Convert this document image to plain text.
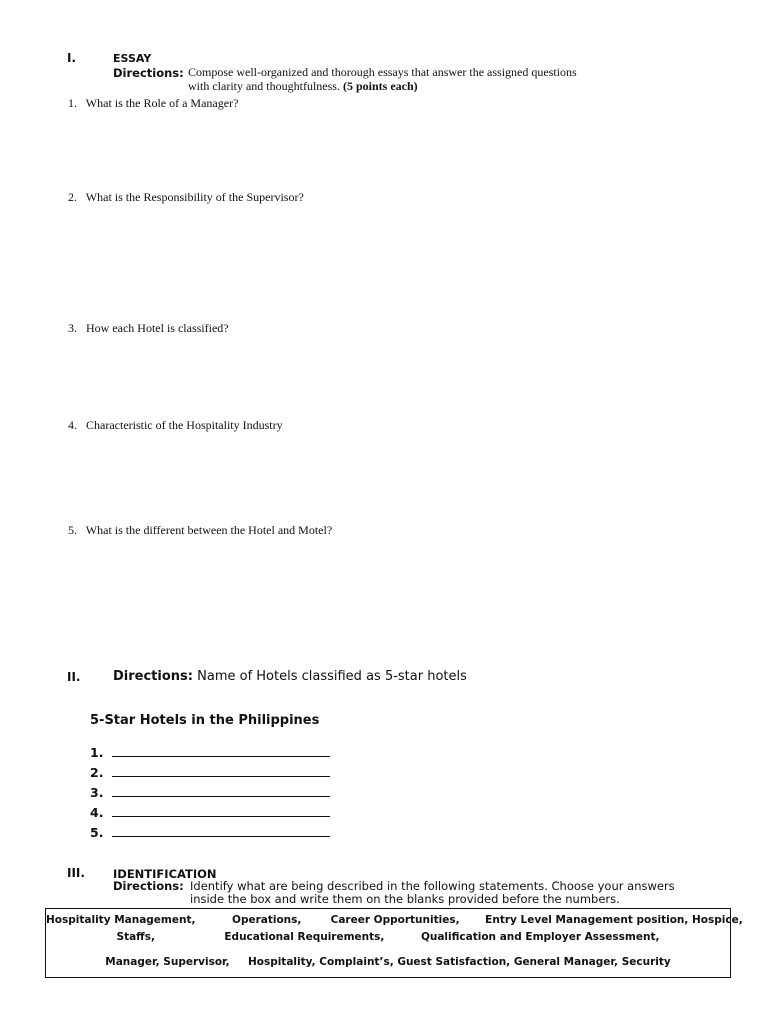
I.	ESSAY
Directions: Compose well-organized and thorough essays that answer the assigned questions
with clarity and thoughtfulness. (5 points each)
1. What is the Role of a Manager?
2. What is the Responsibility of the Supervisor?
3. How each Hotel is classified?
4. Characteristic of the Hospitality Industry
5. What is the different between the Hotel and Motel?
II.	Directions: Name of Hotels classified as 5-star hotels
5-Star Hotels in the Philippines
1.
2.
3.
4.
5.
III. IDENTIFICATION
Directions: Identify what are being described in the following statements. Choose your answers
inside the box and write them on the blanks provided before the numbers.
Hospitality Management,          Operations,        Career Opportunities,       Entry Level Management position, Hospice,
Staffs,                   Educational Requirements,          Qualification and Employer Assessment,
Manager, Supervisor,     Hospitality, Complaint’s, Guest Satisfaction, General Manager, Security
